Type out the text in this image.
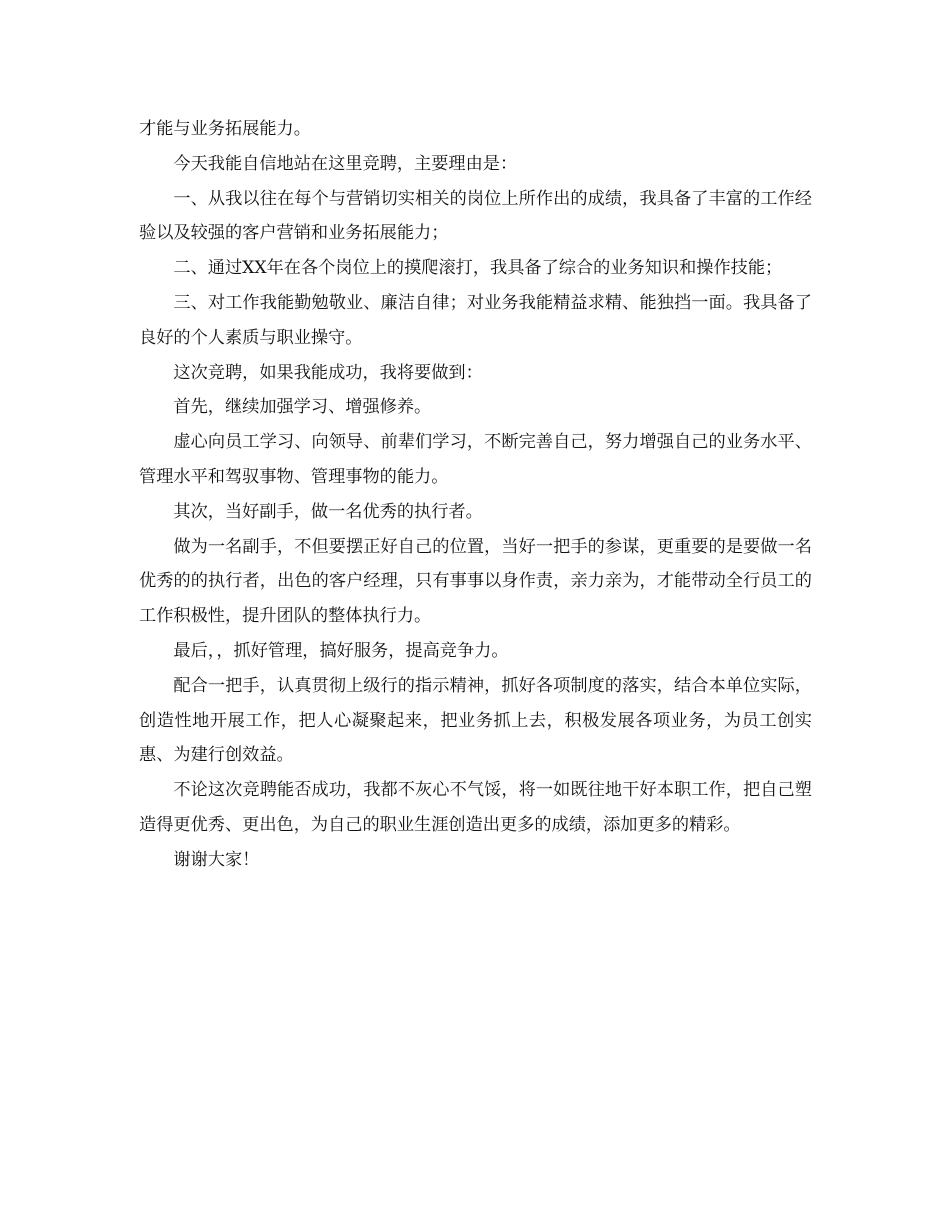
才能与业务拓展能力。

今天我能自信地站在这里竞聘，主要理由是：

一、从我以往在每个与营销切实相关的岗位上所作出的成绩，我具备了丰富的工作经验以及较强的客户营销和业务拓展能力；

二、通过XX年在各个岗位上的摸爬滚打，我具备了综合的业务知识和操作技能；

三、对工作我能勤勉敬业、廉洁自律；对业务我能精益求精、能独挡一面。我具备了良好的个人素质与职业操守。

这次竞聘，如果我能成功，我将要做到：

首先，继续加强学习、增强修养。

虚心向员工学习、向领导、前辈们学习，不断完善自己，努力增强自己的业务水平、管理水平和驾驭事物、管理事物的能力。

其次，当好副手，做一名优秀的执行者。

做为一名副手，不但要摆正好自己的位置，当好一把手的参谋，更重要的是要做一名优秀的的执行者，出色的客户经理，只有事事以身作责，亲力亲为，才能带动全行员工的工作积极性，提升团队的整体执行力。

最后，，抓好管理，搞好服务，提高竞争力。

配合一把手，认真贯彻上级行的指示精神，抓好各项制度的落实，结合本单位实际，创造性地开展工作，把人心凝聚起来，把业务抓上去，积极发展各项业务，为员工创实惠、为建行创效益。

不论这次竞聘能否成功，我都不灰心不气馁，将一如既往地干好本职工作，把自己塑造得更优秀、更出色，为自己的职业生涯创造出更多的成绩，添加更多的精彩。

谢谢大家！
